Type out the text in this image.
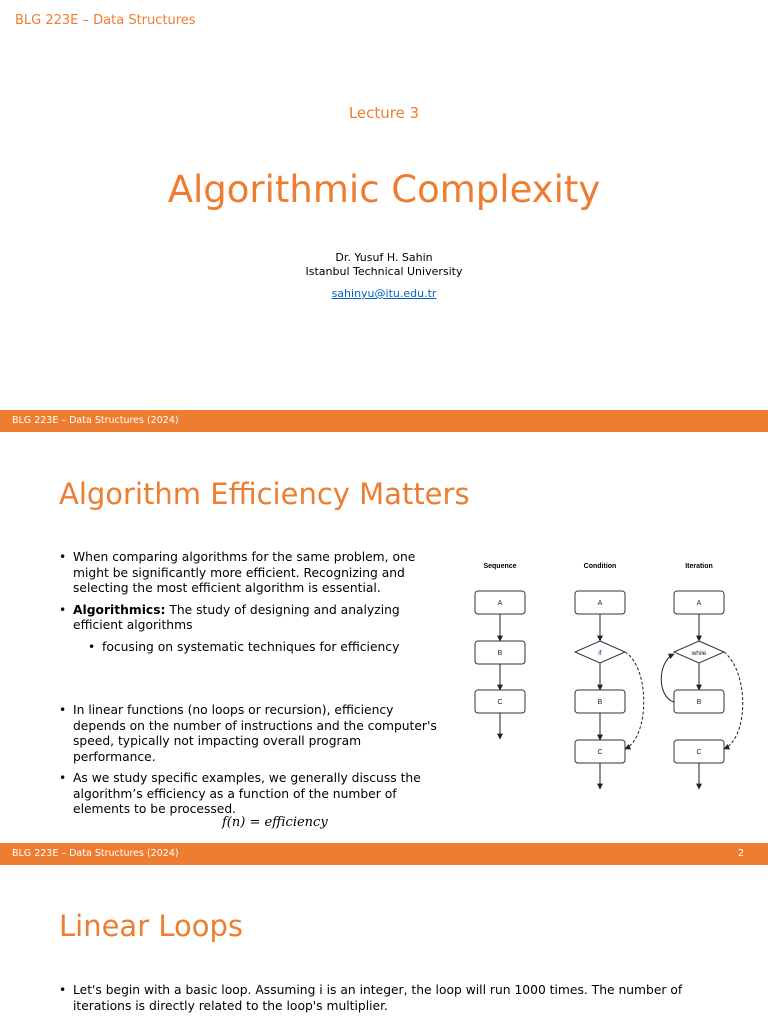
BLG 223E – Data Structures
Lecture 3
Algorithmic Complexity
Dr. Yusuf H. Sahin
Istanbul Technical University
sahinyu@itu.edu.tr
BLG 223E – Data Structures (2024)
Algorithm Efficiency Matters
• When comparing algorithms for the same problem, one might be significantly more efficient. Recognizing and selecting the most efficient algorithm is essential.
• Algorithmics: The study of designing and analyzing efficient algorithms
• focusing on systematic techniques for efficiency
• In linear functions (no loops or recursion), efficiency depends on the number of instructions and the computer's speed, typically not impacting overall program performance.
• As we study specific examples, we generally discuss the algorithm’s efficiency as a function of the number of elements to be processed.
f(n) = efficiency
Sequence	Condition	Iteration
A
B
C
A
if
B
C
A
while
B
C
BLG 223E – Data Structures (2024)	2
Linear Loops
• Let's begin with a basic loop. Assuming i is an integer, the loop will run 1000 times. The number of iterations is directly related to the loop's multiplier.
